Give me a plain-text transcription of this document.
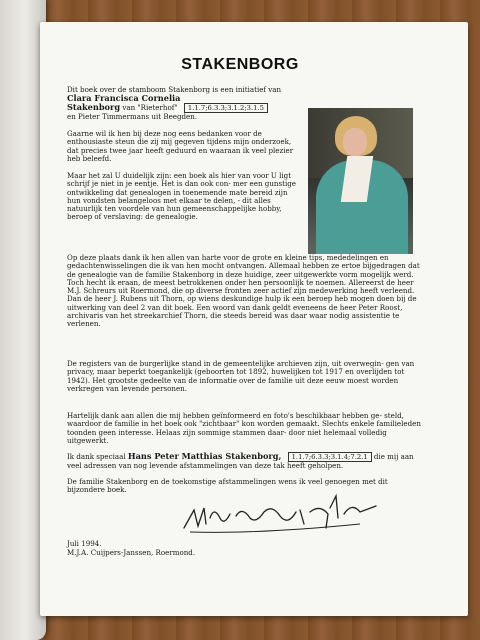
STAKENBORG
Dit boek over de stamboom Stakenborg is een initiatief van
Clara Francisca Cornelia
Stakenborg van "Rieterhof" 1.1.7;6.3.3;3.1.2;3.1.5
en Pieter Timmermans uit Beegden.
Gaarne wil ik hen bij deze nog eens bedanken voor de enthousiaste steun die zij mij gegeven tijdens mijn onderzoek, dat precies twee jaar heeft geduurd en waaraan ik veel plezier heb beleefd.
Maar het zal U duidelijk zijn: een boek als hier van voor U ligt schrijf je niet in je eentje. Het is dan ook con- mer een gunstige ontwikkeling dat genealogen in toenemende mate bereid zijn hun vondsten belangeloos met elkaar te delen, - dit alles natuurlijk ten voordele van hun gemeenschappelijke hobby, beroep of verslaving: de genealogie.
Op deze plaats dank ik hen allen van harte voor de grote en kleine tips, mededelingen en gedachtenwisselingen die ik van hen mocht ontvangen. Allemaal hebben ze ertoe bijgedragen dat de genealogie van de familie Stakenborg in deze huidige, zeer uitgewerkte vorm mogelijk werd. Toch hecht ik eraan, de meest betrokkenen onder hen persoonlijk te noemen. Allereerst de heer M.J. Schreurs uit Roermond, die op diverse fronten zeer actief zijn medewerking heeft verleend. Dan de heer J. Rubens uit Thorn, op wiens deskundige hulp ik een beroep heb mogen doen bij de uitwerking van deel 2 van dit boek. Een woord van dank geldt eveneens de heer Peter Roost, archivaris van het streekarchief Thorn, die steeds bereid was daar waar nodig assistentie te verlenen.
De registers van de burgerlijke stand in de gemeentelijke archieven zijn, uit overwegin- gen van privacy, maar beperkt toegankelijk (geboorten tot 1892, huwelijken tot 1917 en overlijden tot 1942). Het grootste gedeelte van de informatie over de familie uit deze eeuw moest worden verkregen van levende personen.
Hartelijk dank aan allen die mij hebben geïnformeerd en foto's beschikbaar hebben ge- steld, waardoor de familie in het boek ook "zichtbaar" kon worden gemaakt. Slechts enkele familieleden toonden geen interesse. Helaas zijn sommige stammen daar- door niet helemaal volledig uitgewerkt.
Ik dank speciaal Hans Peter Matthias Stakenborg, 1.1.7;6.3.3;3.1.4;7.2.1 die mij aan veel adressen van nog levende afstammelingen van deze tak heeft geholpen.
De familie Stakenborg en de toekomstige afstammelingen wens ik veel genoegen met dit bijzondere boek.
Juli 1994.
M.J.A. Cuijpers-Janssen, Roermond.
